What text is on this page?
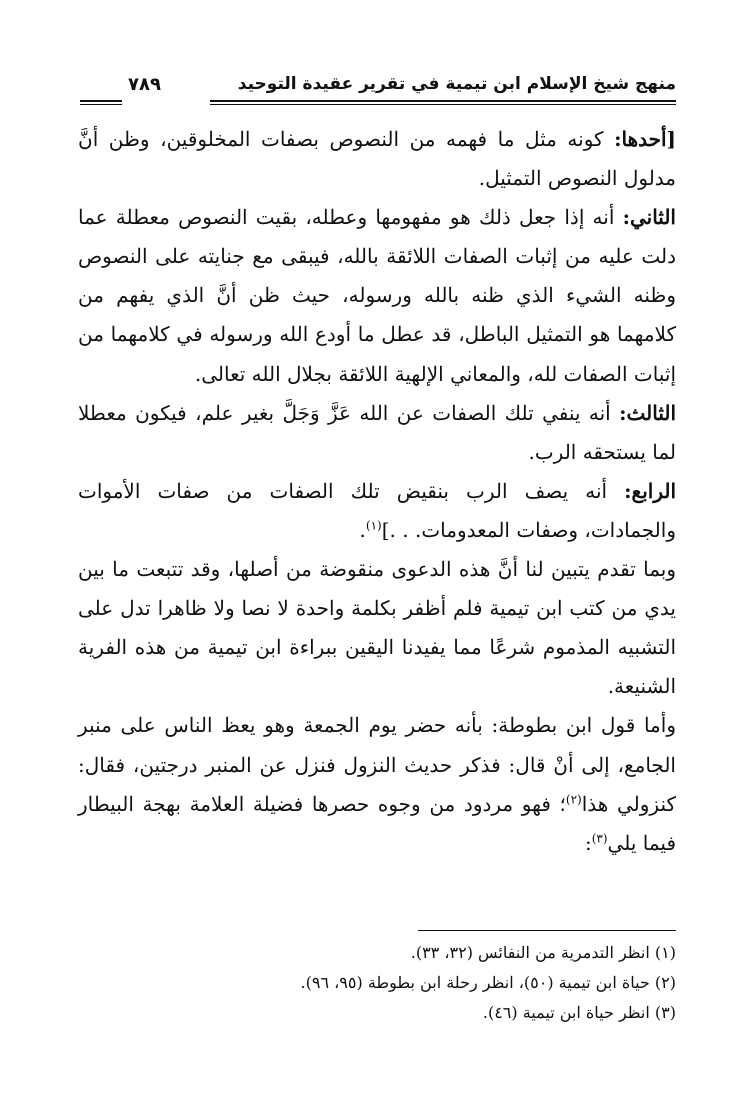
منهج شيخ الإسلام ابن تيمية في تقرير عقيدة التوحيد
٧٨٩

[أحدها: كونه مثل ما فهمه من النصوص بصفات المخلوقين، وظن أنَّ مدلول النصوص التمثيل.

الثاني: أنه إذا جعل ذلك هو مفهومها وعطله، بقيت النصوص معطلة عما دلت عليه من إثبات الصفات اللائقة بالله، فيبقى مع جنايته على النصوص وظنه الشيء الذي ظنه بالله ورسوله، حيث ظن أنَّ الذي يفهم من كلامهما هو التمثيل الباطل، قد عطل ما أودع الله ورسوله في كلامهما من إثبات الصفات لله، والمعاني الإلهية اللائقة بجلال الله تعالى.

الثالث: أنه ينفي تلك الصفات عن الله عَزَّ وَجَلَّ بغير علم، فيكون معطلا لما يستحقه الرب.

الرابع: أنه يصف الرب بنقيض تلك الصفات من صفات الأموات والجمادات، وصفات المعدومات. . .]$^{(١)}$.

وبما تقدم يتبين لنا أنَّ هذه الدعوى منقوضة من أصلها، وقد تتبعت ما بين يدي من كتب ابن تيمية فلم أظفر بكلمة واحدة لا نصا ولا ظاهرا تدل على التشبيه المذموم شرعًا مما يفيدنا اليقين ببراءة ابن تيمية من هذه الفرية الشنيعة.

وأما قول ابن بطوطة: بأنه حضر يوم الجمعة وهو يعظ الناس على منبر الجامع، إلى أنْ قال: فذكر حديث النزول فنزل عن المنبر درجتين، فقال: كنزولي هذا$^{(٢)}$؛ فهو مردود من وجوه حصرها فضيلة العلامة بهجة البيطار فيما يلي$^{(٣)}$:

(١) انظر التدمرية من النفائس (٣٢، ٣٣).

(٢) حياة ابن تيمية (٥٠)، انظر رحلة ابن بطوطة (٩٥، ٩٦).

(٣) انظر حياة ابن تيمية (٤٦).
